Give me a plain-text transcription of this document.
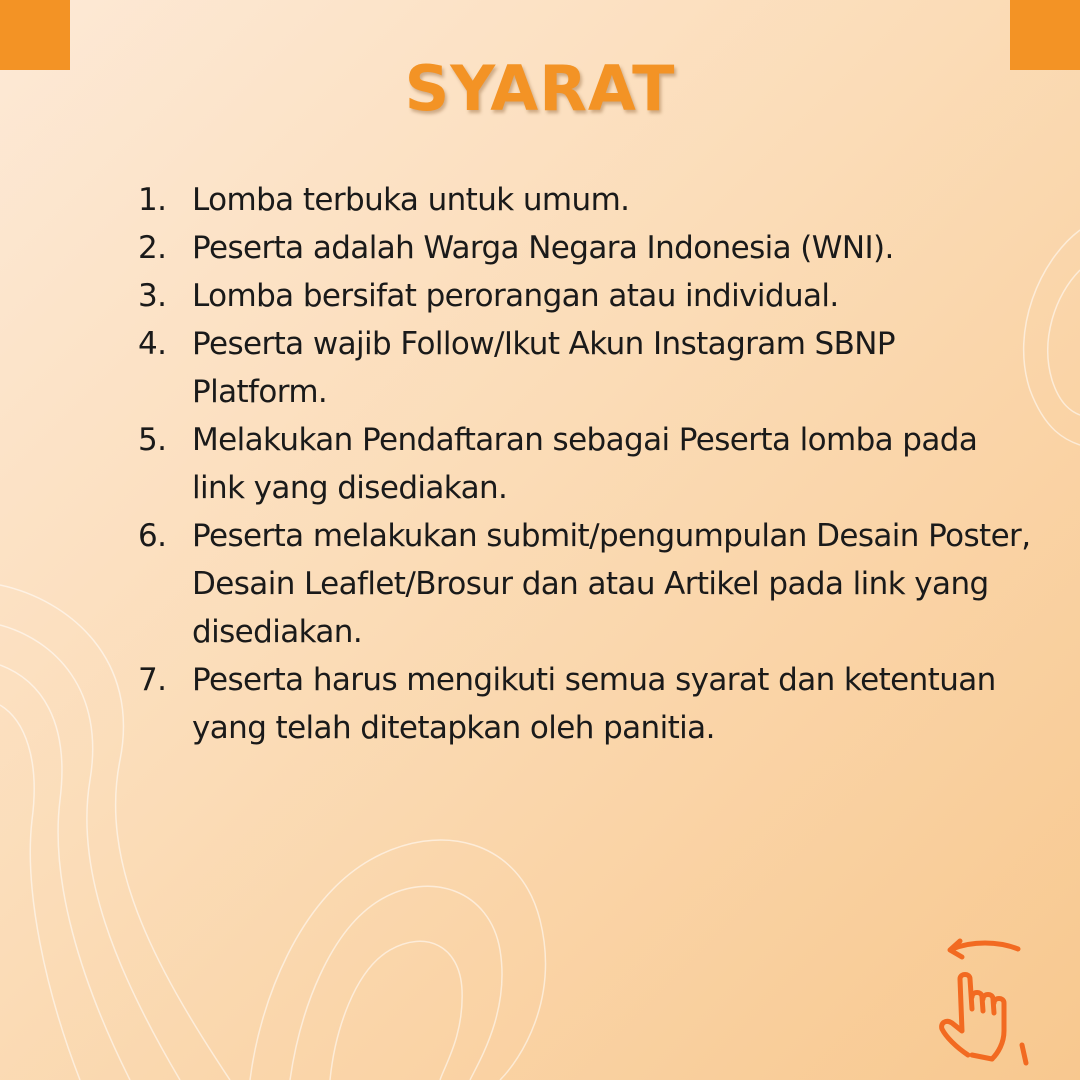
SYARAT
1. Lomba terbuka untuk umum.
2. Peserta adalah Warga Negara Indonesia (WNI).
3. Lomba bersifat perorangan atau individual.
4. Peserta wajib Follow/Ikut Akun Instagram SBNP Platform.
5. Melakukan Pendaftaran sebagai Peserta lomba pada link yang disediakan.
6. Peserta melakukan submit/pengumpulan Desain Poster, Desain Leaflet/Brosur dan atau Artikel pada link yang disediakan.
7. Peserta harus mengikuti semua syarat dan ketentuan yang telah ditetapkan oleh panitia.
